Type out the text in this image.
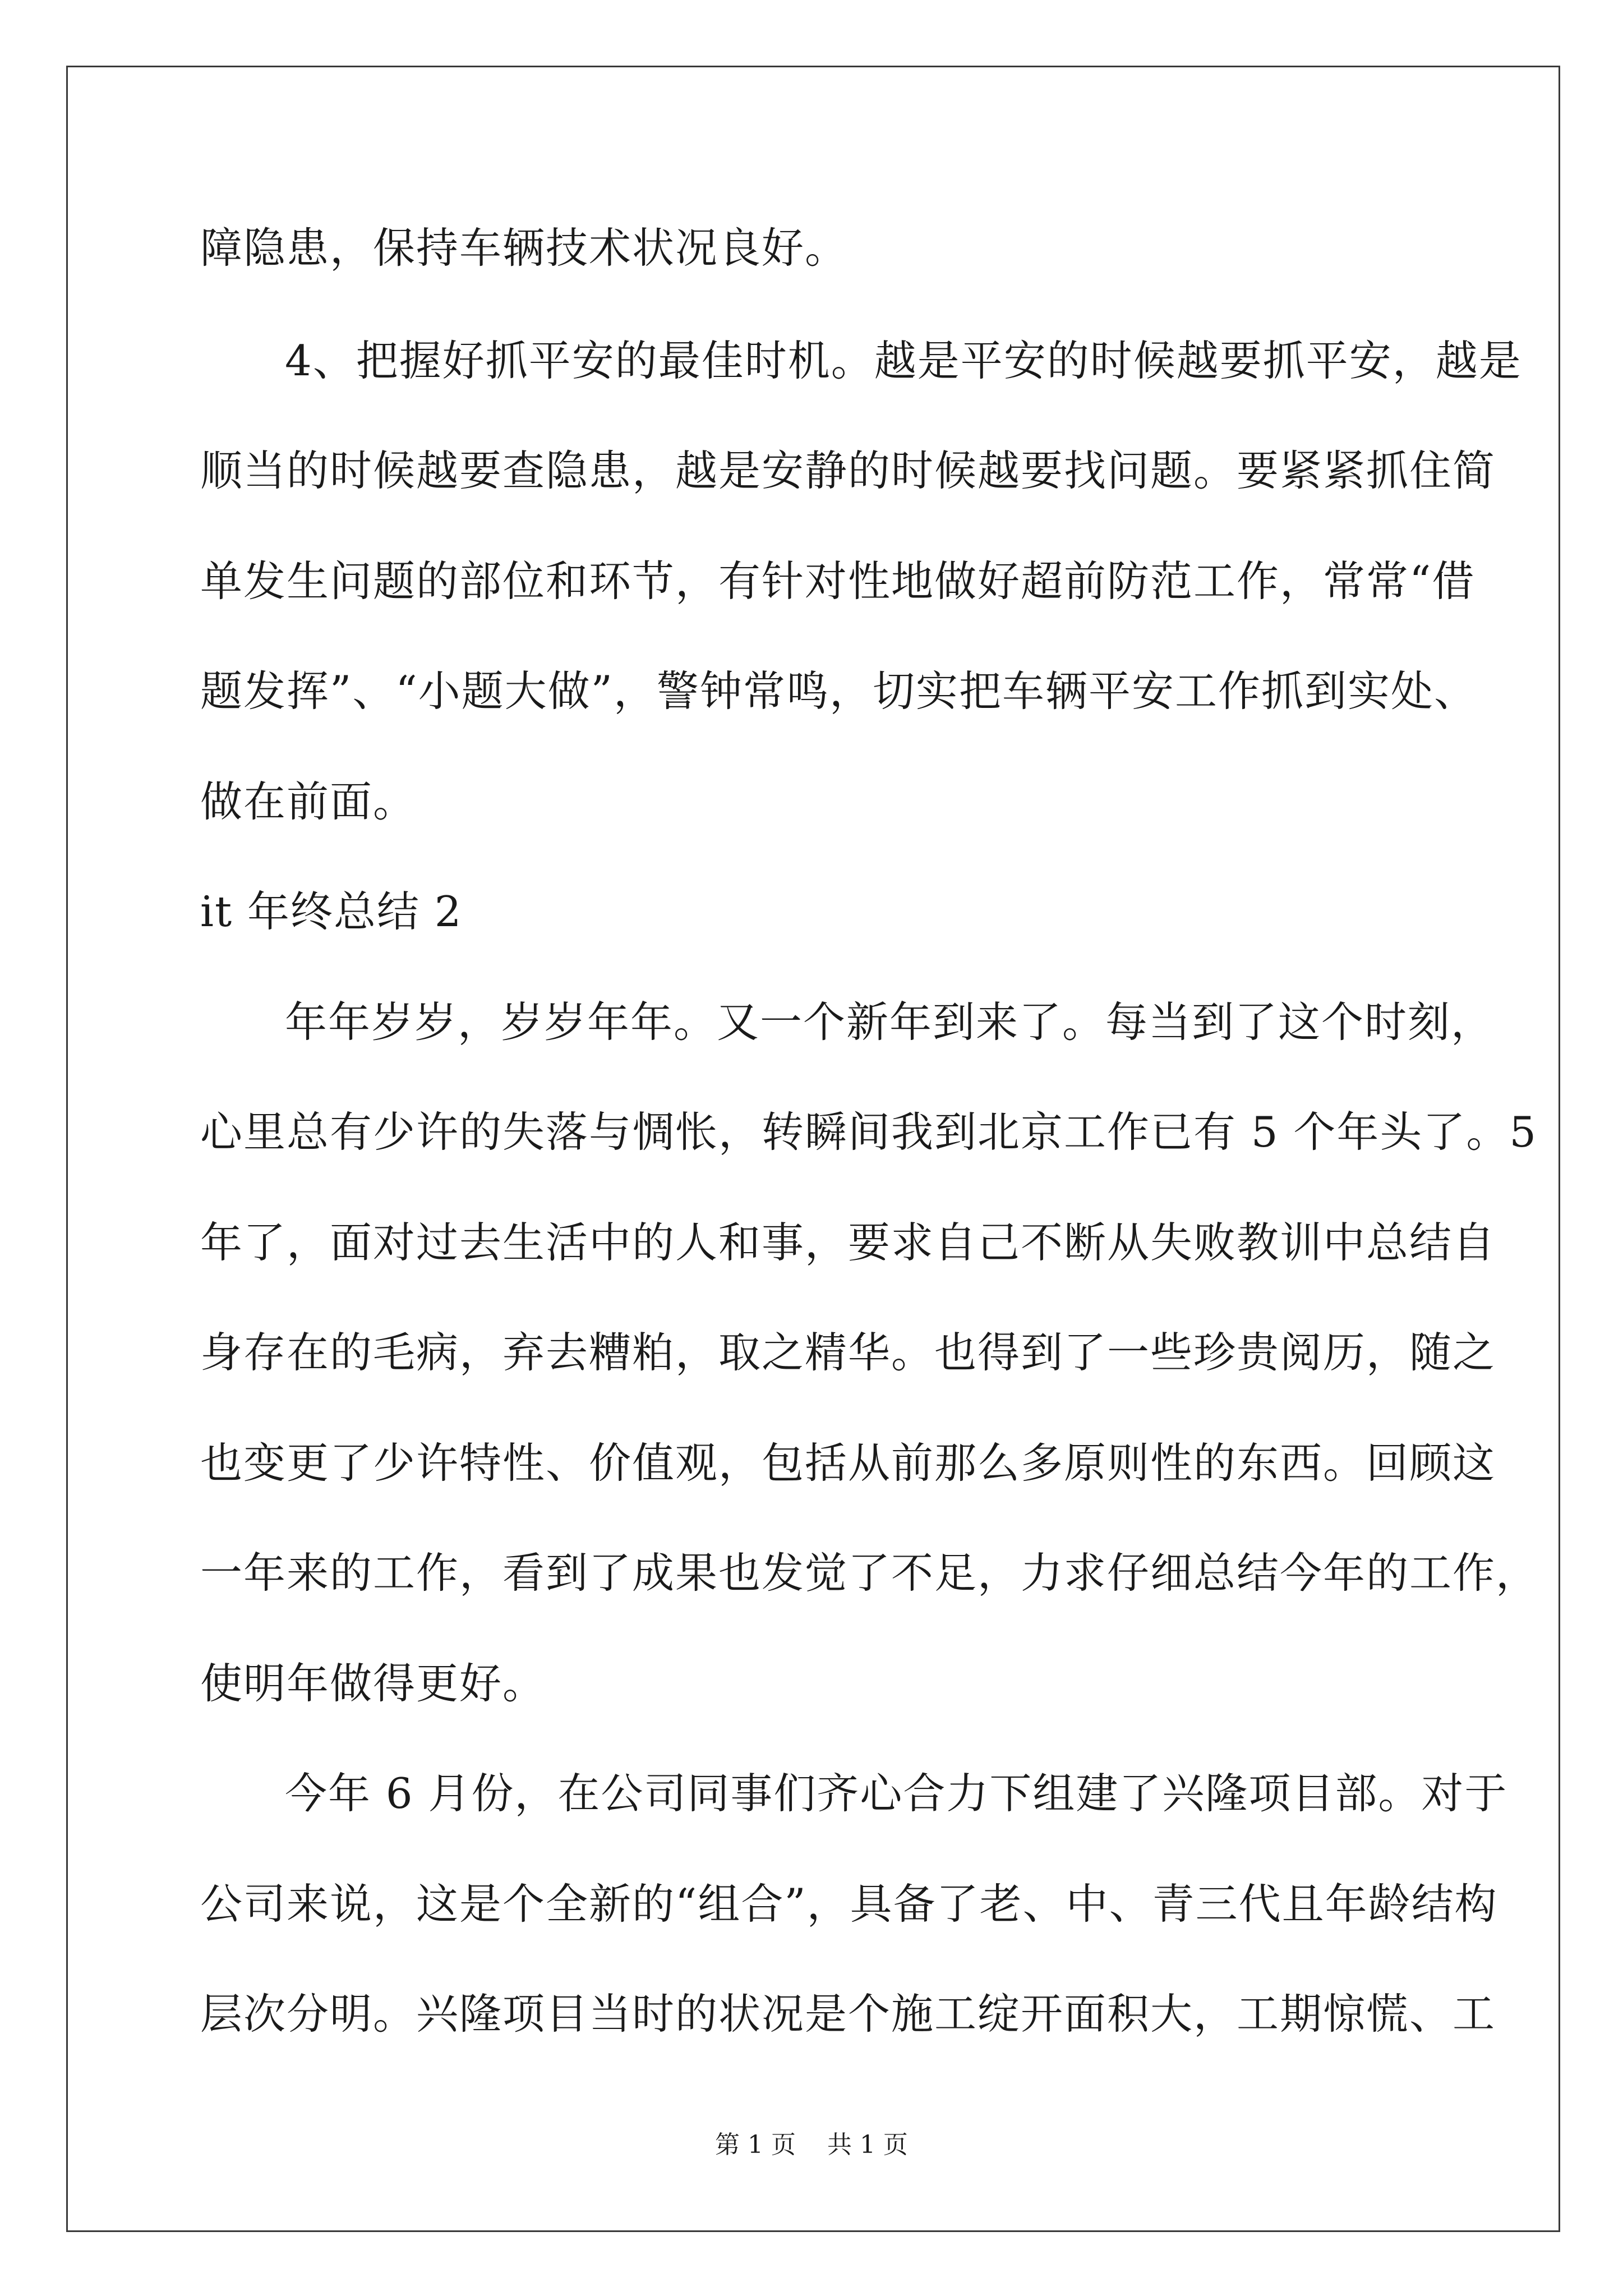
障隐患，保持车辆技术状况良好。
4、把握好抓平安的最佳时机。越是平安的时候越要抓平安，越是
顺当的时候越要查隐患，越是安静的时候越要找问题。要紧紧抓住简
单发生问题的部位和环节，有针对性地做好超前防范工作，常常“借
题发挥”、“小题大做”，警钟常鸣，切实把车辆平安工作抓到实处、
做在前面。
it 年终总结 2
年年岁岁，岁岁年年。又一个新年到来了。每当到了这个时刻，
心里总有少许的失落与惆怅，转瞬间我到北京工作已有 5 个年头了。5
年了，面对过去生活中的人和事，要求自己不断从失败教训中总结自
身存在的毛病，弃去糟粕，取之精华。也得到了一些珍贵阅历，随之
也变更了少许特性、价值观，包括从前那么多原则性的东西。回顾这
一年来的工作，看到了成果也发觉了不足，力求仔细总结今年的工作，
使明年做得更好。
今年 6 月份，在公司同事们齐心合力下组建了兴隆项目部。对于
公司来说，这是个全新的“组合”，具备了老、中、青三代且年龄结构
层次分明。兴隆项目当时的状况是个施工绽开面积大，工期惊慌、工
第 1 页    共 1 页
